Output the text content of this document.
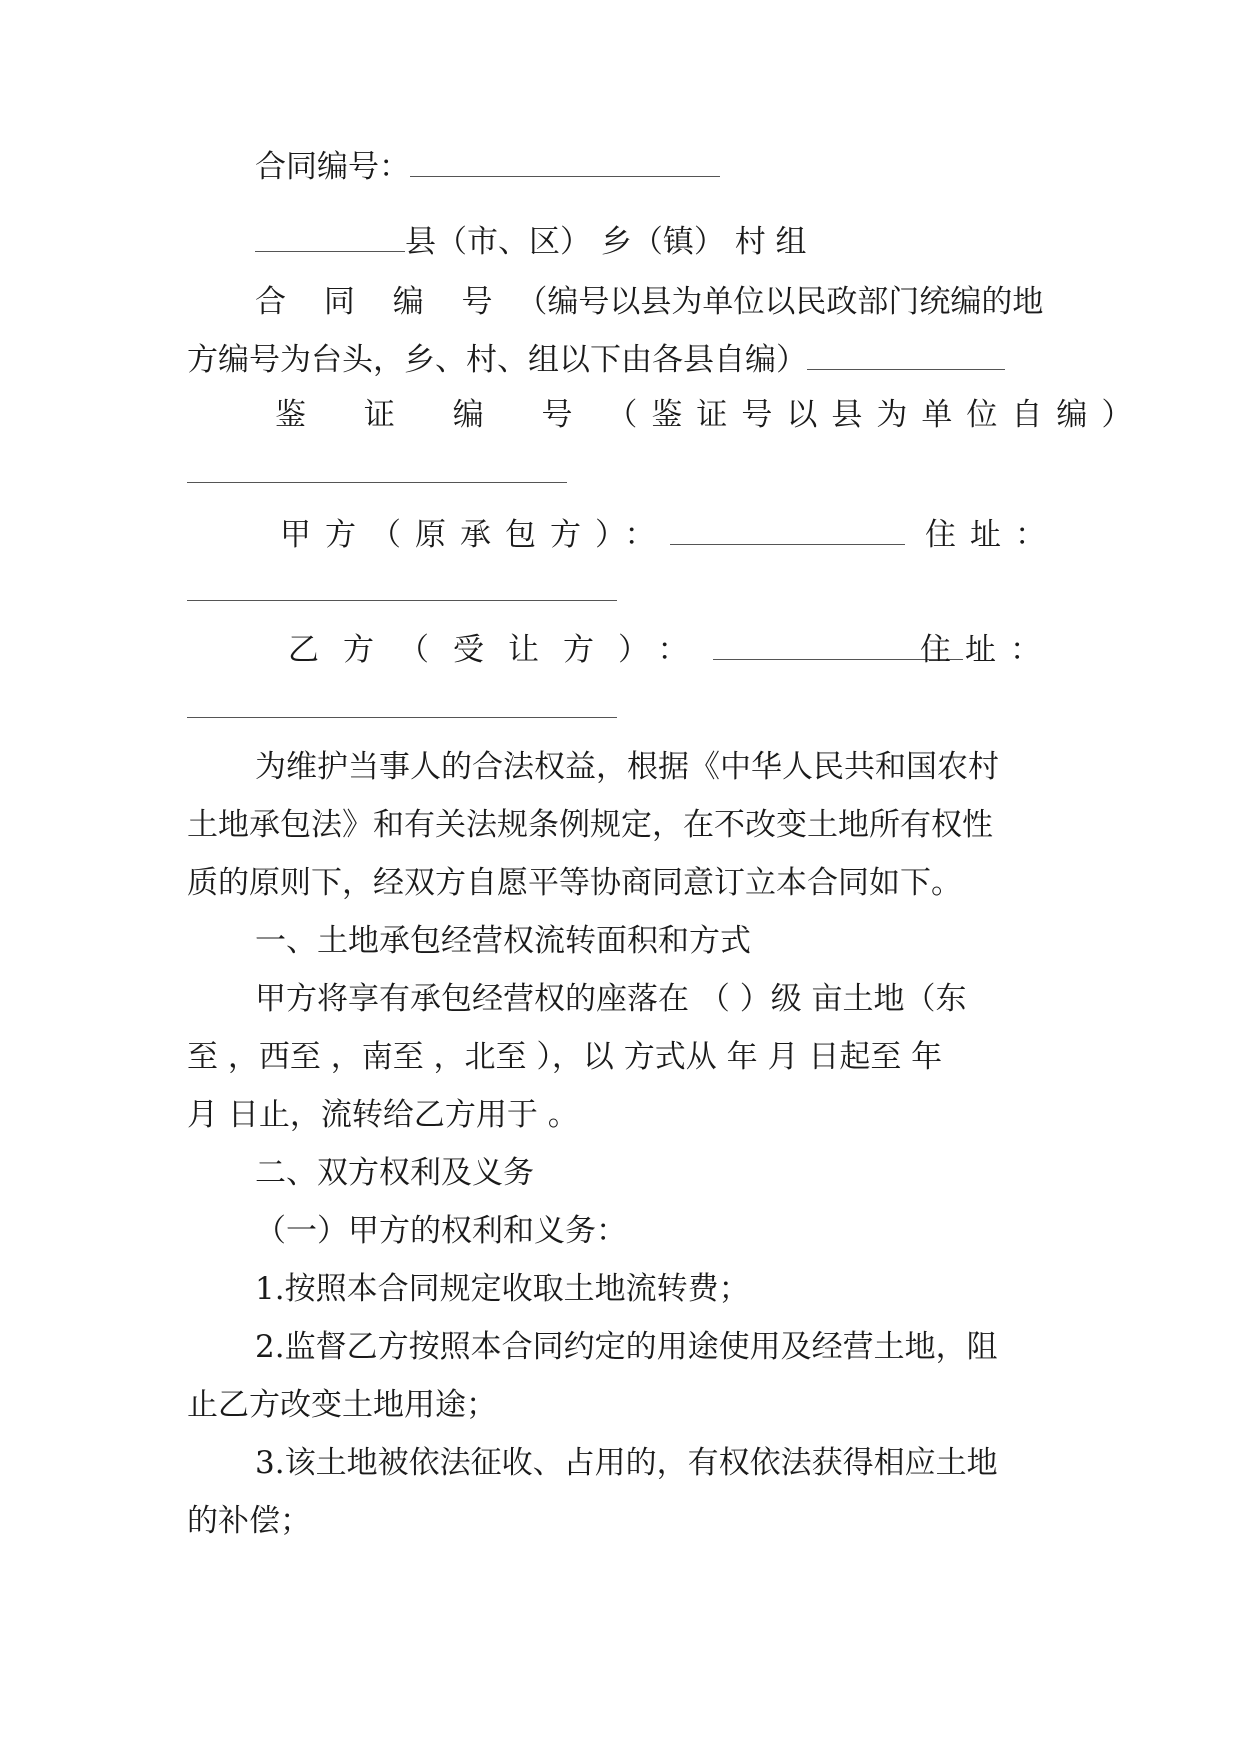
合同编号：
县（市、区） 乡（镇） 村 组
合 同 编 号 （编号以县为单位以民政部门统编的地
方编号为台头，乡、村、组以下由各县自编）
鉴 证 编 号 （鉴证号以县为单位自编）
甲方（原承包方）：	住址：
乙方（受让方）：	住址：
为维护当事人的合法权益，根据《中华人民共和国农村
土地承包法》和有关法规条例规定，在不改变土地所有权性
质的原则下，经双方自愿平等协商同意订立本合同如下。
一、土地承包经营权流转面积和方式
甲方将享有承包经营权的座落在 （ ）级 亩土地（东
至 ，西至 ，南至 ，北至 ），以 方式从 年 月 日起至 年
月 日止，流转给乙方用于 。
二、双方权利及义务
（一）甲方的权利和义务：
1.按照本合同规定收取土地流转费；
2.监督乙方按照本合同约定的用途使用及经营土地，阻
止乙方改变土地用途；
3.该土地被依法征收、占用的，有权依法获得相应土地
的补偿；
